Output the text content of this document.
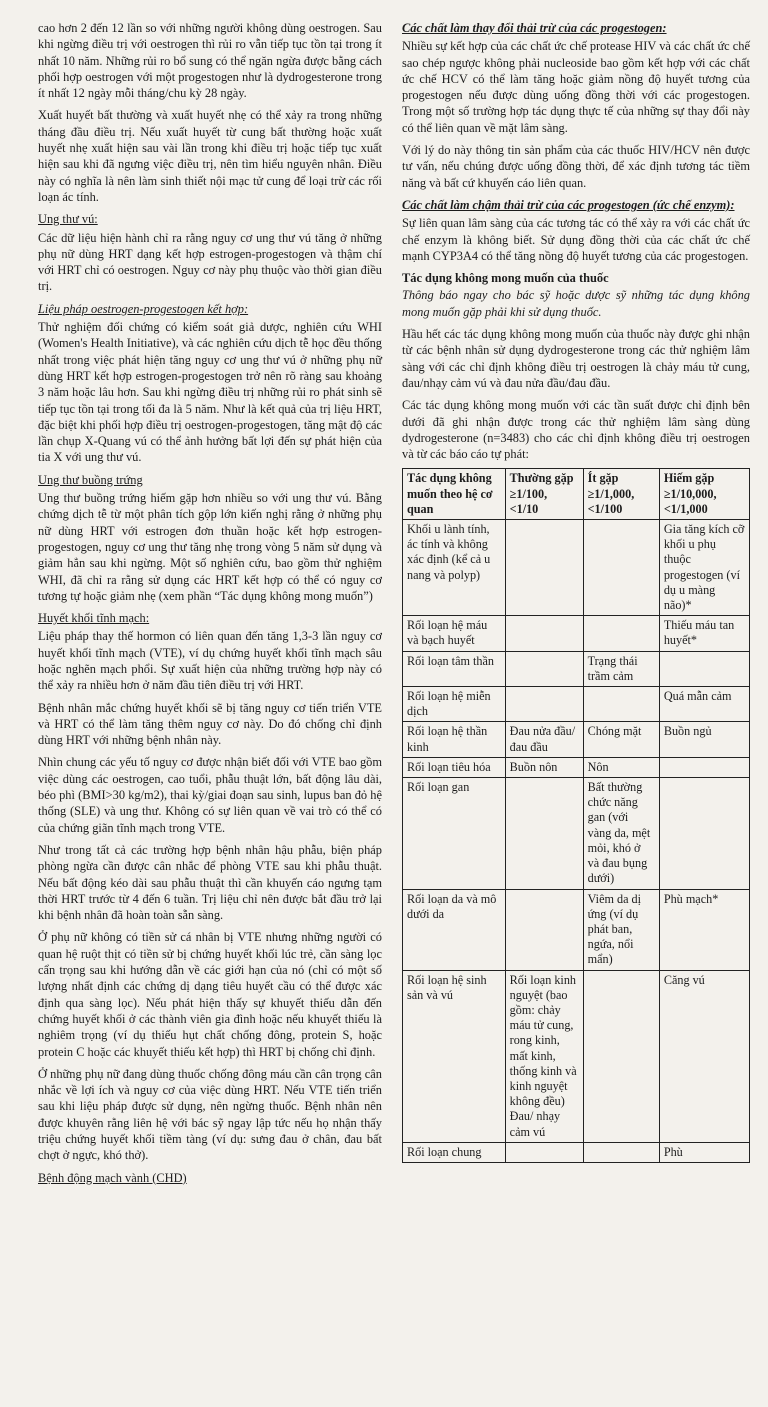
cao hơn 2 đến 12 lần so với những người không dùng oestrogen. Sau khi ngừng điều trị với oestrogen thì rủi ro vẫn tiếp tục tồn tại trong ít nhất 10 năm. Những rủi ro bổ sung có thể ngăn ngừa được bằng cách phối hợp oestrogen với một progestogen như là dydrogesterone trong ít nhất 12 ngày mỗi tháng/chu kỳ 28 ngày.

Xuất huyết bất thường và xuất huyết nhẹ có thể xảy ra trong những tháng đầu điều trị. Nếu xuất huyết từ cung bất thường hoặc xuất huyết nhẹ xuất hiện sau vài lần trong khi điều trị hoặc tiếp tục xuất hiện sau khi đã ngưng việc điều trị, nên tìm hiểu nguyên nhân. Điều này có nghĩa là nên làm sinh thiết nội mạc tử cung để loại trừ các rối loạn ác tính.

Ung thư vú:

Các dữ liệu hiện hành chỉ ra rằng nguy cơ ung thư vú tăng ở những phụ nữ dùng HRT dạng kết hợp estrogen-progestogen và thậm chí với HRT chỉ có oestrogen. Nguy cơ này phụ thuộc vào thời gian điều trị.

Liệu pháp oestrogen-progestogen kết hợp:

Thử nghiệm đối chứng có kiểm soát giả dược, nghiên cứu WHI (Women's Health Initiative), và các nghiên cứu dịch tễ học đều thống nhất trong việc phát hiện tăng nguy cơ ung thư vú ở những phụ nữ dùng HRT kết hợp estrogen-progestogen trở nên rõ ràng sau khoảng 3 năm hoặc lâu hơn. Sau khi ngừng điều trị những rủi ro phát sinh sẽ tiếp tục tồn tại trong tối đa là 5 năm. Như là kết quả của trị liệu HRT, đặc biệt khi phối hợp điều trị oestrogen-progestogen, tăng mật độ các lần chụp X-Quang vú có thể ảnh hưởng bất lợi đến sự phát hiện của tia X với ung thư vú.

Ung thư buồng trứng

Ung thư buồng trứng hiếm gặp hơn nhiều so với ung thư vú. Bằng chứng dịch tễ từ một phân tích gộp lớn kiến nghị rằng ở những phụ nữ dùng HRT với estrogen đơn thuần hoặc kết hợp estrogen-progestogen, nguy cơ ung thư tăng nhẹ trong vòng 5 năm sử dụng và giảm hẳn sau khi ngừng. Một số nghiên cứu, bao gồm thử nghiệm WHI, đã chỉ ra rằng sử dụng các HRT kết hợp có thể có nguy cơ tương tự hoặc giảm nhẹ (xem phần “Tác dụng không mong muốn”)

Huyết khối tĩnh mạch:

Liệu pháp thay thế hormon có liên quan đến tăng 1,3-3 lần nguy cơ huyết khối tĩnh mạch (VTE), ví dụ chứng huyết khối tĩnh mạch sâu hoặc nghẽn mạch phổi. Sự xuất hiện của những trường hợp này có thể xảy ra nhiều hơn ở năm đầu tiên điều trị với HRT.

Bệnh nhân mắc chứng huyết khối sẽ bị tăng nguy cơ tiến triển VTE và HRT có thể làm tăng thêm nguy cơ này. Do đó chống chỉ định dùng HRT với những bệnh nhân này.

Nhìn chung các yếu tố nguy cơ được nhận biết đối với VTE bao gồm việc dùng các oestrogen, cao tuổi, phẫu thuật lớn, bất động lâu dài, béo phì (BMI>30 kg/m2), thai kỳ/giai đoạn sau sinh, lupus ban đỏ hệ thống (SLE) và ung thư. Không có sự liên quan về vai trò có thể có của chứng giãn tĩnh mạch trong VTE.

Như trong tất cả các trường hợp bệnh nhân hậu phẫu, biện pháp phòng ngừa cần được cân nhắc để phòng VTE sau khi phẫu thuật. Nếu bất động kéo dài sau phẫu thuật thì cần khuyến cáo ngưng tạm thời HRT trước từ 4 đến 6 tuần. Trị liệu chỉ nên được bắt đầu trở lại khi bệnh nhân đã hoàn toàn sẵn sàng.

Ở phụ nữ không có tiền sử cá nhân bị VTE nhưng những người có quan hệ ruột thịt có tiền sử bị chứng huyết khối lúc trẻ, cần sàng lọc cẩn trọng sau khi hướng dẫn về các giới hạn của nó (chỉ có một số lượng nhất định các chứng dị dạng tiêu huyết cầu có thể được xác định qua sàng lọc). Nếu phát hiện thấy sự khuyết thiếu dẫn đến chứng huyết khối ở các thành viên gia đình hoặc nếu khuyết thiếu là nghiêm trọng (ví dụ thiếu hụt chất chống đông, protein S, hoặc protein C hoặc các khuyết thiếu kết hợp) thì HRT bị chống chỉ định.

Ở những phụ nữ đang dùng thuốc chống đông máu cần cân trọng cân nhắc về lợi ích và nguy cơ của việc dùng HRT. Nếu VTE tiến triển sau khi liệu pháp được sử dụng, nên ngừng thuốc. Bệnh nhân nên được khuyên rằng liên hệ với bác sỹ ngay lập tức nếu họ nhận thấy triệu chứng huyết khối tiềm tàng (ví dụ: sưng đau ở chân, đau bất chợt ở ngực, khó thở).

Bệnh động mạch vành (CHD)
Các chất làm thay đổi thải trừ của các progestogen:

Nhiều sự kết hợp của các chất ức chế protease HIV và các chất ức chế sao chép ngược không phải nucleoside bao gồm kết hợp với các chất ức chế HCV có thể làm tăng hoặc giảm nồng độ huyết tương của progestogen nếu được dùng uống đồng thời với các progestogen. Trong một số trường hợp tác dụng thực tế của những sự thay đổi này có thể liên quan về mặt lâm sàng.

Với lý do này thông tin sản phẩm của các thuốc HIV/HCV nên được tư vấn, nếu chúng được uống đồng thời, để xác định tương tác tiềm năng và bất cứ khuyến cáo liên quan.

Các chất làm chậm thải trừ của các progestogen (ức chế enzym):

Sự liên quan lâm sàng của các tương tác có thể xảy ra với các chất ức chế enzym là không biết. Sử dụng đồng thời của các chất ức chế mạnh CYP3A4 có thể tăng nồng độ huyết tương của các progestogen.

Tác dụng không mong muốn của thuốc

Thông báo ngay cho bác sỹ hoặc dược sỹ những tác dụng không mong muốn gặp phải khi sử dụng thuốc.

Hầu hết các tác dụng không mong muốn của thuốc này được ghi nhận từ các bệnh nhân sử dụng dydrogesterone trong các thử nghiệm lâm sàng với các chỉ định không điều trị oestrogen là chảy máu tử cung, đau/nhạy cảm vú và đau nửa đầu/đau đầu.

Các tác dụng không mong muốn với các tần suất được chỉ định bên dưới đã ghi nhận được trong các thử nghiệm lâm sàng dùng dydrogesterone (n=3483) cho các chỉ định không điều trị oestrogen và từ các báo cáo tự phát:

Tác dụng không muốn theo hệ cơ quan	Thường gặp ≥1/100, <1/10	Ít gặp ≥1/1,000, <1/100	Hiếm gặp ≥1/10,000, <1/1,000
Khối u lành tính, ác tính và không xác định (kể cả u nang và polyp)			Gia tăng kích cỡ khối u phụ thuộc progestogen (ví dụ u màng não)*
Rối loạn hệ máu và bạch huyết			Thiếu máu tan huyết*
Rối loạn tâm thần		Trạng thái trầm cảm	
Rối loạn hệ miễn dịch			Quá mẫn cảm
Rối loạn hệ thần kinh	Đau nửa đầu/ đau đầu	Chóng mặt	Buồn ngủ
Rối loạn tiêu hóa	Buồn nôn	Nôn	
Rối loạn gan		Bất thường chức năng gan (với vàng da, mệt mỏi, khó ở và đau bụng dưới)	
Rối loạn da và mô dưới da		Viêm da dị ứng (ví dụ phát ban, ngứa, nổi mẩn)	Phù mạch*
Rối loạn hệ sinh sản và vú	Rối loạn kinh nguyệt (bao gồm: chảy máu tử cung, rong kinh, mất kinh, thống kinh và kinh nguyệt không đều) Đau/ nhạy cảm vú		Căng vú
Rối loạn chung			Phù
